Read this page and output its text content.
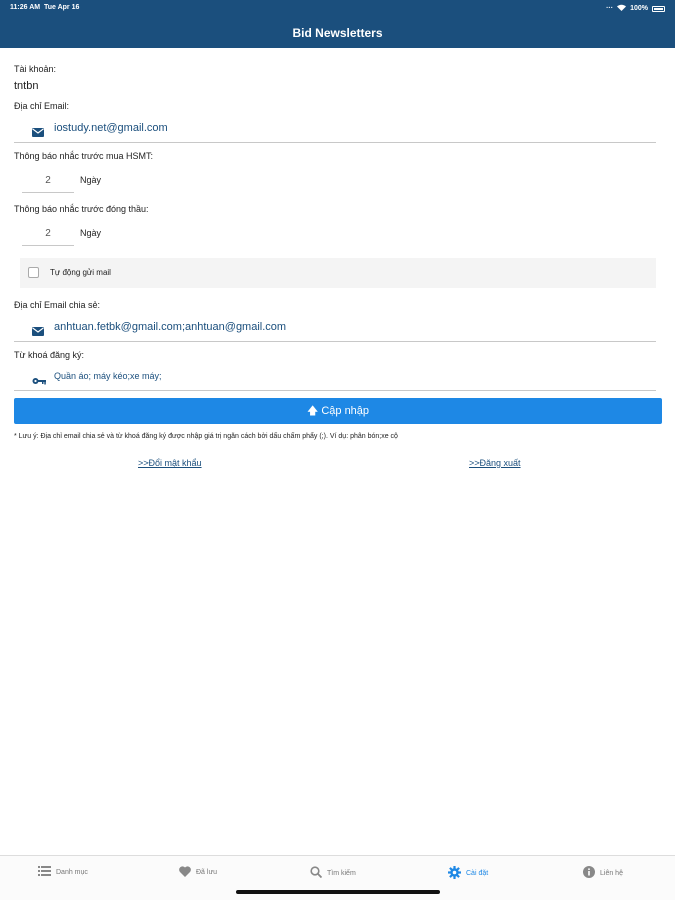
11:26 AM Tue Apr 16	··· 100%
Bid Newsletters
Tài khoản:
tntbn
Địa chỉ Email:
iostudy.net@gmail.com
Thông báo nhắc trước mua HSMT:
2	Ngày
Thông báo nhắc trước đóng thầu:
2	Ngày
Tự động gửi mail
Địa chỉ Email chia sẻ:
anhtuan.fetbk@gmail.com;anhtuan@gmail.com
Từ khoá đăng ký:
Quần áo; máy kéo;xe máy;
🡅 Cập nhập
* Lưu ý: Địa chỉ email chia sẻ và từ khoá đăng ký được nhập giá trị ngăn cách bởi dấu chấm phẩy (;). Ví dụ: phân bón;xe cộ
>>Đổi mật khẩu	>>Đăng xuất
Danh mục	Đã lưu	Tìm kiếm	Cài đặt	Liên hệ
